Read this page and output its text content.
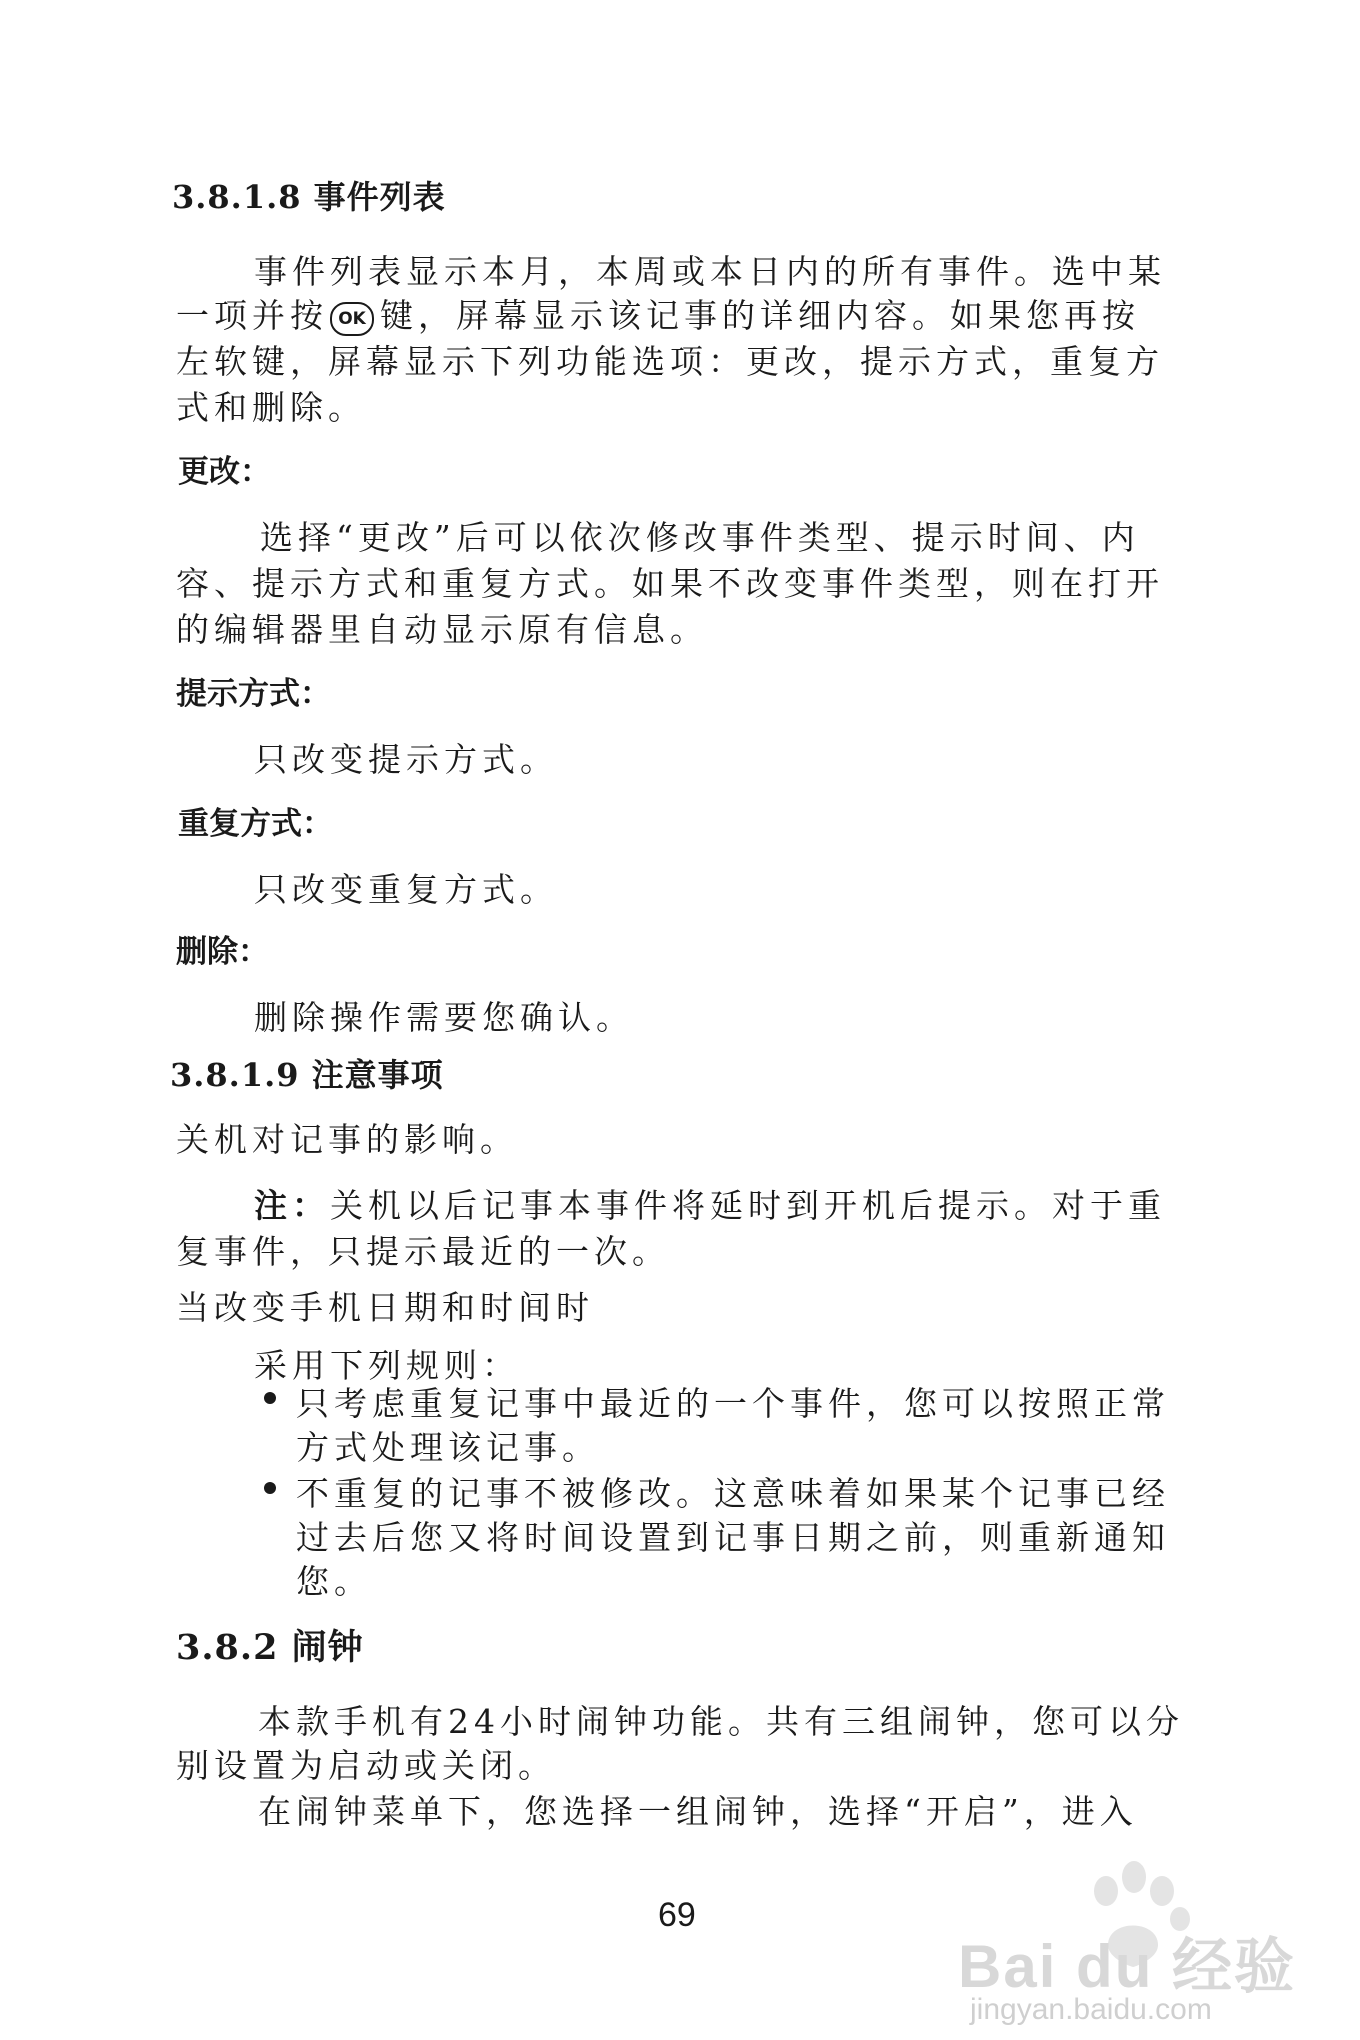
3.8.1.8 事件列表
事件列表显示本月，本周或本日内的所有事件。选中某
一项并按 OK 键，屏幕显示该记事的详细内容。如果您再按
左软键，屏幕显示下列功能选项：更改，提示方式，重复方
式和删除。
更改：
选择“更改”后可以依次修改事件类型、提示时间、内
容、提示方式和重复方式。如果不改变事件类型，则在打开
的编辑器里自动显示原有信息。
提示方式：
只改变提示方式。
重复方式：
只改变重复方式。
删除：
删除操作需要您确认。
3.8.1.9 注意事项
关机对记事的影响。
注：关机以后记事本事件将延时到开机后提示。对于重
复事件，只提示最近的一次。
当改变手机日期和时间时
采用下列规则：
只考虑重复记事中最近的一个事件，您可以按照正常
方式处理该记事。
不重复的记事不被修改。这意味着如果某个记事已经
过去后您又将时间设置到记事日期之前，则重新通知
您。
3.8.2 闹钟
本款手机有24小时闹钟功能。共有三组闹钟，您可以分
别设置为启动或关闭。
在闹钟菜单下，您选择一组闹钟，选择“开启”，进入
69
Bai du 经验
jingyan.baidu.com
